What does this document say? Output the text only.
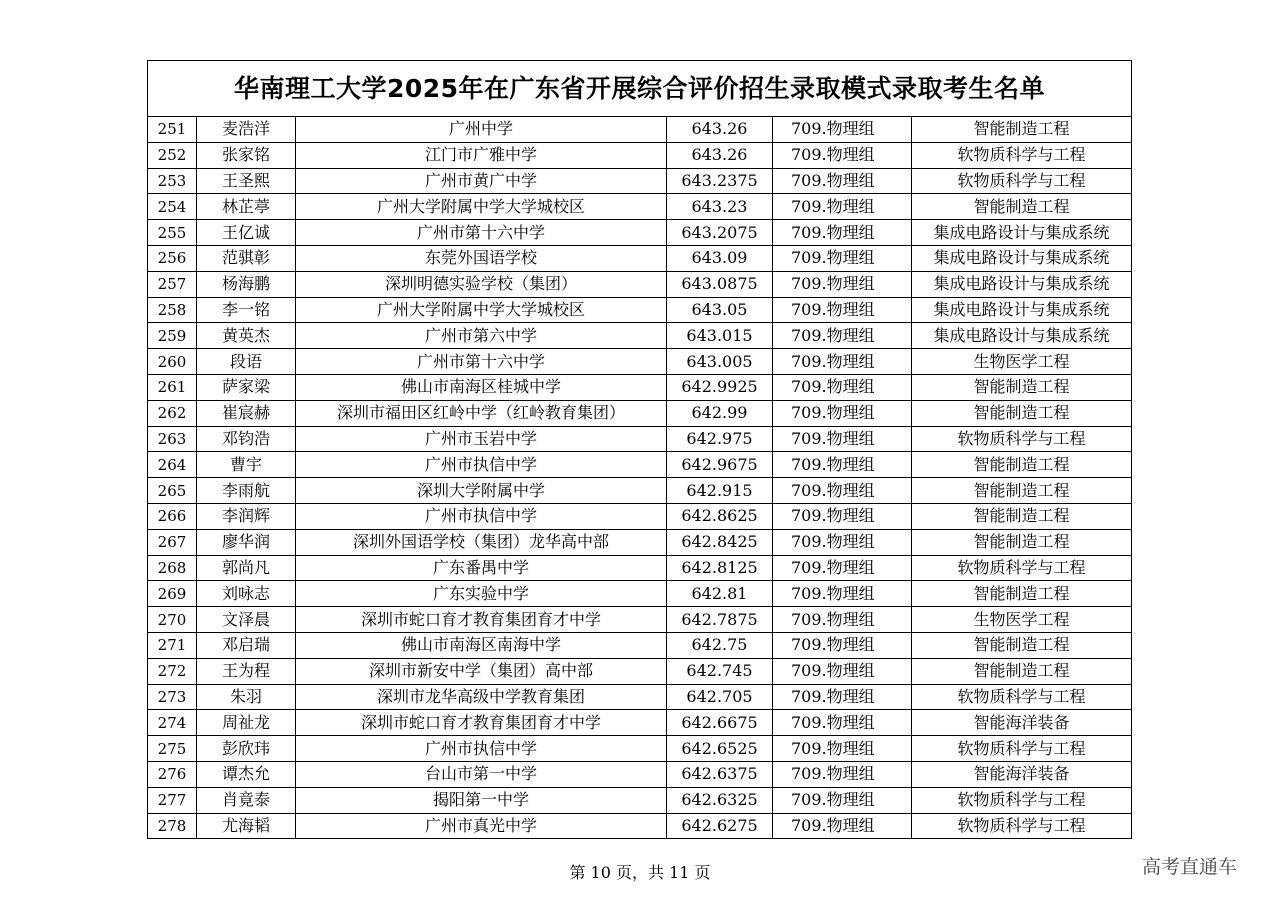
华南理工大学2025年在广东省开展综合评价招生录取模式录取考生名单
251	麦浩洋	广州中学	643.26	709.物理组	智能制造工程
252	张家铭	江门市广雅中学	643.26	709.物理组	软物质科学与工程
253	王圣熙	广州市黄广中学	643.2375	709.物理组	软物质科学与工程
254	林芷葶	广州大学附属中学大学城校区	643.23	709.物理组	智能制造工程
255	王亿诚	广州市第十六中学	643.2075	709.物理组	集成电路设计与集成系统
256	范骐彰	东莞外国语学校	643.09	709.物理组	集成电路设计与集成系统
257	杨海鹏	深圳明德实验学校（集团）	643.0875	709.物理组	集成电路设计与集成系统
258	李一铭	广州大学附属中学大学城校区	643.05	709.物理组	集成电路设计与集成系统
259	黄英杰	广州市第六中学	643.015	709.物理组	集成电路设计与集成系统
260	段语	广州市第十六中学	643.005	709.物理组	生物医学工程
261	萨家梁	佛山市南海区桂城中学	642.9925	709.物理组	智能制造工程
262	崔宸赫	深圳市福田区红岭中学（红岭教育集团）	642.99	709.物理组	智能制造工程
263	邓钧浩	广州市玉岩中学	642.975	709.物理组	软物质科学与工程
264	曹宇	广州市执信中学	642.9675	709.物理组	智能制造工程
265	李雨航	深圳大学附属中学	642.915	709.物理组	智能制造工程
266	李润辉	广州市执信中学	642.8625	709.物理组	智能制造工程
267	廖华润	深圳外国语学校（集团）龙华高中部	642.8425	709.物理组	智能制造工程
268	郭尚凡	广东番禺中学	642.8125	709.物理组	软物质科学与工程
269	刘咏志	广东实验中学	642.81	709.物理组	智能制造工程
270	文泽晨	深圳市蛇口育才教育集团育才中学	642.7875	709.物理组	生物医学工程
271	邓启瑞	佛山市南海区南海中学	642.75	709.物理组	智能制造工程
272	王为程	深圳市新安中学（集团）高中部	642.745	709.物理组	智能制造工程
273	朱羽	深圳市龙华高级中学教育集团	642.705	709.物理组	软物质科学与工程
274	周祉龙	深圳市蛇口育才教育集团育才中学	642.6675	709.物理组	智能海洋装备
275	彭欣玮	广州市执信中学	642.6525	709.物理组	软物质科学与工程
276	谭杰允	台山市第一中学	642.6375	709.物理组	智能海洋装备
277	肖竟泰	揭阳第一中学	642.6325	709.物理组	软物质科学与工程
278	尤海韬	广州市真光中学	642.6275	709.物理组	软物质科学与工程
第 10 页，共 11 页	高考直通车
